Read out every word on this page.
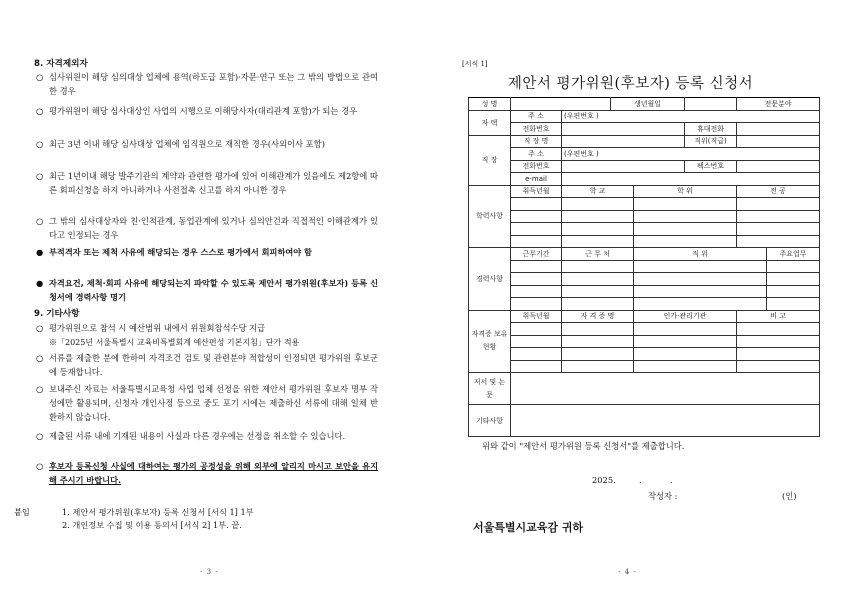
8. 자격제외자
○ 심사위원이 해당 심의대상 업체에 용역(하도급 포함)·자문·연구 또는 그 밖의 방법으로 관여한 경우
○ 평가위원이 해당 심사대상인 사업의 시행으로 이해당사자(대리관계 포함)가 되는 경우
○ 최근 3년 이내 해당 심사대상 업체에 임직원으로 재직한 경우(사외이사 포함)
○ 최근 1년이내 해당 발주기관의 계약과 관련한 평가에 있어 이해관계가 있음에도 제2항에 따른 회피신청을 하지 아니하거나 사전접촉 신고를 하지 아니한 경우
○ 그 밖의 심사대상자와 친·인척관계, 동업관계에 있거나 심의안건과 직접적인 이해관계가 있다고 인정되는 경우
● 부적격자 또는 제척 사유에 해당되는 경우 스스로 평가에서 회피하여야 함
● 자격요건, 제척·회피 사유에 해당되는지 파악할 수 있도록 제안서 평가위원(후보자) 등록 신청서에 경력사항 명기
9. 기타사항
○ 평가위원으로 참석 시 예산범위 내에서 위원회참석수당 지급
※「2025년 서울특별시 교육비특별회계 예산편성 기본지침」단가 적용
○ 서류를 제출한 분에 한하여 자격조건 검토 및 관련분야 적합성이 인정되면 평가위원 후보군에 등재합니다.
○ 보내주신 자료는 서울특별시교육청 사업 업체 선정을 위한 제안서 평가위원 후보자 명부 작성에만 활용되며, 신청자 개인사정 등으로 중도 포기 시에는 제출하신 서류에 대해 일체 반환하지 않습니다.
○ 제출된 서류 내에 기재된 내용이 사실과 다른 경우에는 선정을 취소할 수 있습니다.
○ 후보자 등록신청 사실에 대하여는 평가의 공정성을 위해 외부에 알리지 마시고 보안을 유지해 주시기 바랍니다.
붙임	1. 제안서 평가위원(후보자) 등록 신청서 [서식 1] 1부
2. 개인정보 수집 및 이용 동의서 [서식 2] 1부. 끝.
- 3 -
[서식 1]
제안서 평가위원(후보자) 등록 신청서
성 명			생년월일			전문분야	
자 택	주 소	(우편번호 )					
	전화번호				휴대전화		
직 장	직 장 명				직위(직급)		
	주 소	(우편번호 )					
	전화번호				팩스번호		
	e-mail						
학력사항	취득년월	학 교		학 위		전 공	

경력사항	근무기간	근 무 처		직 위			주요업무

자격증 보유현황	취득년월	자 격 증 명		인가·관리기관		비 고	

저서 및 논문							
기타사항							
위와 같이 "제안서 평가위원 등록 신청서"를 제출합니다.
2025.	.	.
작성자 :	(인)
서울특별시교육감 귀하
- 4 -
